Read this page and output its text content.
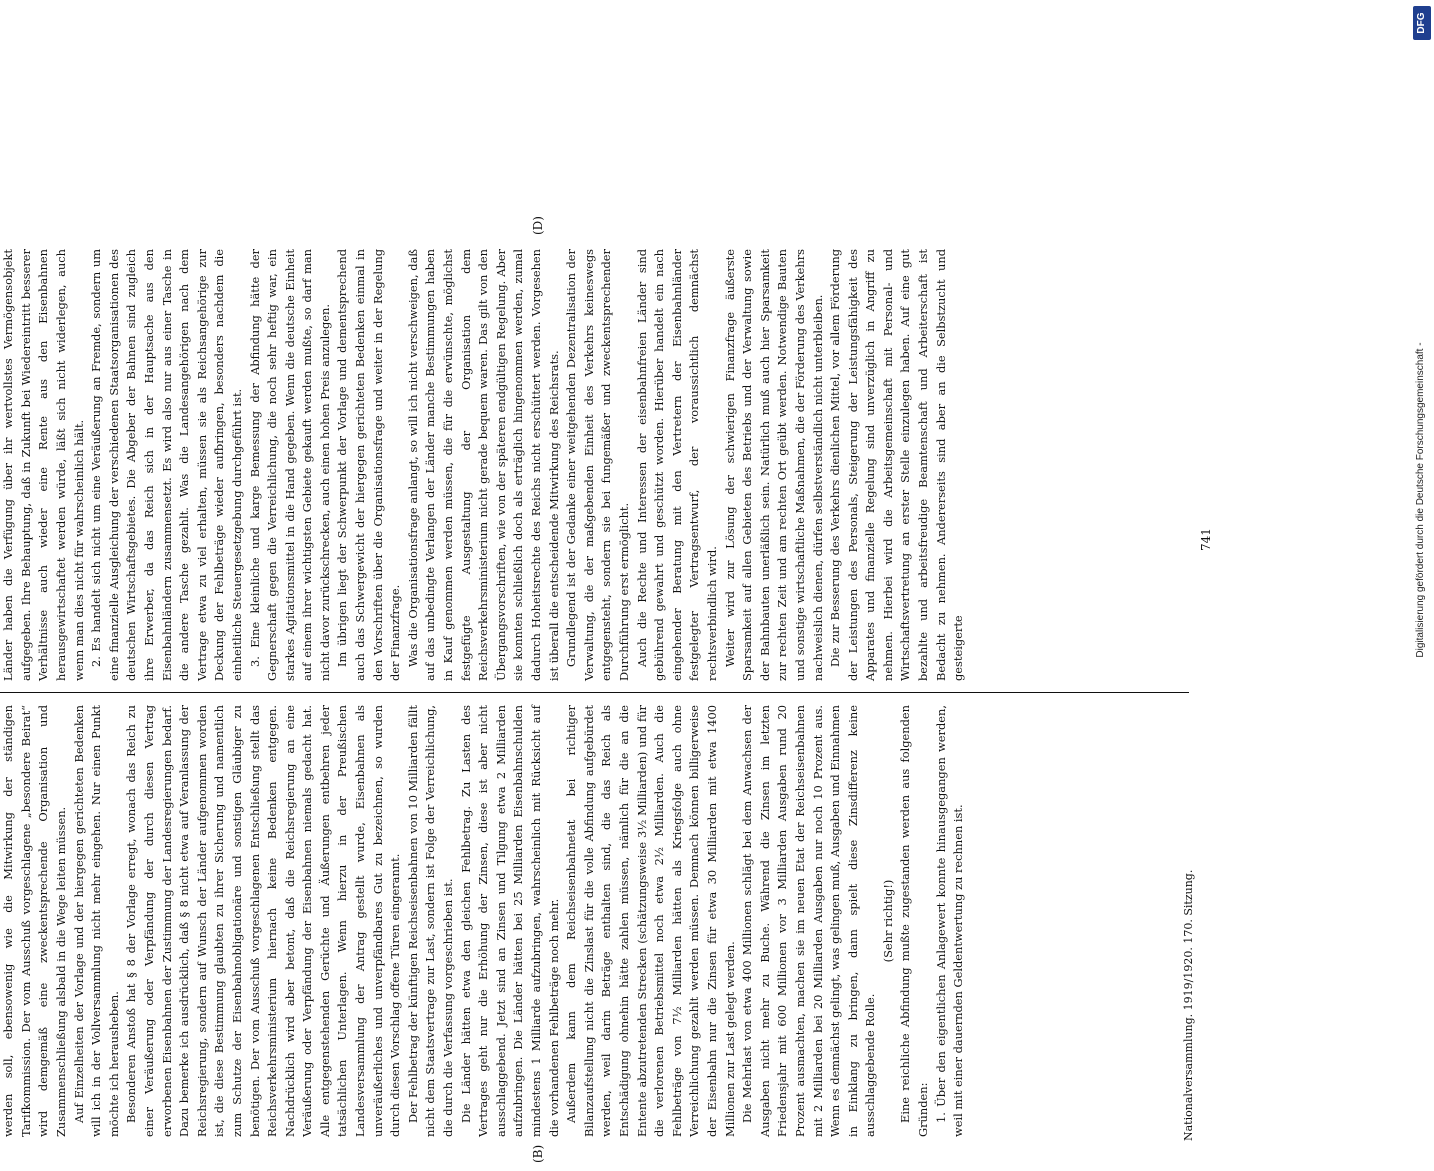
(B)
(D)

werden soll, ebensowenig wie die Mitwirkung der ständigen Tarifkommission. Der vom Ausschuß vorgeschlagene „besondere Beirat“ wird demgemäß eine zweckentsprechende Organisation und Zusammenschließung alsbald in die Wege leiten müssen. Auf Einzelheiten der Vorlage und der hiergegen gerichteten Bedenken will ich in der Vollversammlung nicht mehr eingehen. Nur einen Punkt möchte ich herausheben. Besonderen Anstoß hat § 8 der Vorlage erregt, wonach das Reich zu einer Veräußerung oder Verpfändung der durch diesen Vertrag erworbenen Eisenbahnen der Zustimmung der Landesregierungen bedarf. Dazu bemerke ich ausdrücklich, daß § 8 nicht etwa auf Veranlassung der Reichsregierung, sondern auf Wunsch der Länder aufgenommen worden ist, die diese Bestimmung glaubten zu ihrer Sicherung und namentlich zum Schutze der Eisenbahnobligationäre und sonstigen Gläubiger zu benötigen. Der vom Ausschuß vorgeschlagenen Entschließung stellt das Reichsverkehrsministerium hiernach keine Bedenken entgegen. Nachdrücklich wird aber betont, daß die Reichsregierung an eine Veräußerung oder Verpfändung der Eisenbahnen niemals gedacht hat. Alle entgegenstehenden Gerüchte und Äußerungen entbehren jeder tatsächlichen Unterlagen. Wenn hierzu in der Preußischen Landesversammlung der Antrag gestellt wurde, Eisenbahnen als unveräußerliches und unverpfändbares Gut zu bezeichnen, so wurden durch diesen Vorschlag offene Türen eingerannt. Der Fehlbetrag der künftigen Reichseisenbahnen von 10 Milliarden fällt nicht dem Staatsvertrage zur Last, sondern ist Folge der Verreichlichung, die durch die Verfassung vorgeschrieben ist. Die Länder hätten etwa den gleichen Fehlbetrag. Zu Lasten des Vertrages geht nur die Erhöhung der Zinsen, diese ist aber nicht ausschlaggebend. Jetzt sind an Zinsen und Tilgung etwa 2 Milliarden aufzubringen. Die Länder hätten bei 25 Milliarden Eisenbahnschulden mindestens 1 Milliarde aufzubringen, wahrscheinlich mit Rücksicht auf die vorhandenen Fehlbeträge noch mehr. Außerdem kann dem Reichseisenbahnetat bei richtiger Bilanzaufstellung nicht die Zinslast für die volle Abfindung aufgebürdet werden, weil darin Beträge enthalten sind, die das Reich als Entschädigung ohnehin hätte zahlen müssen, nämlich für die an die Entente abzutretenden Strecken (schätzungsweise 3½ Milliarden) und für die verlorenen Betriebsmittel noch etwa 2½ Milliarden. Auch die Fehlbeträge von 7½ Milliarden hätten als Kriegsfolge auch ohne Verreichlichung gezahlt werden müssen. Demnach können billigerweise der Eisenbahn nur die Zinsen für etwa 30 Milliarden mit etwa 1400 Millionen zur Last gelegt werden. Die Mehrlast von etwa 400 Millionen schlägt bei dem Anwachsen der Ausgaben nicht mehr zu Buche. Während die Zinsen im letzten Friedensjahr mit 600 Millionen vor 3 Milliarden Ausgaben rund 20 Prozent ausmachten, machen sie im neuen Etat der Reichseisenbahnen mit 2 Milliarden bei 20 Milliarden Ausgaben nur noch 10 Prozent aus. Wenn es demnächst gelingt, was gelingen muß, Ausgaben und Einnahmen in Einklang zu bringen, dann spielt diese Zinsdifferenz keine ausschlaggebende Rolle.

(Sehr richtig!) Eine reichliche Abfindung mußte zugestanden werden aus folgenden Gründen: 1. Über den eigentlichen Anlagewert konnte hinausgegangen werden, weil mit einer dauernden Geldentwertung zu rechnen ist.

Länder haben die Verfügung über ihr wertvollstes Vermögensobjekt aufgegeben. Ihre Behauptung, daß in Zukunft bei Wiedereintritt besserer Verhältnisse auch wieder eine Rente aus den Eisenbahnen herausgewirtschaftet werden würde, läßt sich nicht widerlegen, auch wenn man dies nicht für wahrscheinlich hält. 2. Es handelt sich nicht um eine Veräußerung an Fremde, sondern um eine finanzielle Ausgleichung der verschiedenen Staatsorganisationen des deutschen Wirtschaftsgebietes. Die Abgeber der Bahnen sind zugleich ihre Erwerber, da das Reich sich in der Hauptsache aus den Eisenbahnländern zusammensetzt. Es wird also nur aus einer Tasche in die andere Tasche gezahlt. Was die Landesangehörigen nach dem Vertrage etwa zu viel erhalten, müssen sie als Reichsangehörige zur Deckung der Fehlbeträge wieder aufbringen, besonders nachdem die einheitliche Steuergesetzgebung durchgeführt ist. 3. Eine kleinliche und karge Bemessung der Abfindung hätte der Gegnerschaft gegen die Verreichlichung, die noch sehr heftig war, ein starkes Agitationsmittel in die Hand gegeben. Wenn die deutsche Einheit auf einem ihrer wichtigsten Gebiete gekauft werden mußte, so darf man nicht davor zurückschrecken, auch einen hohen Preis anzulegen. Im übrigen liegt der Schwerpunkt der Vorlage und dementsprechend auch das Schwergewicht der hiergegen gerichteten Bedenken einmal in den Vorschriften über die Organisationsfrage und weiter in der Regelung der Finanzfrage. Was die Organisationsfrage anlangt, so will ich nicht verschweigen, daß auf das unbedingte Verlangen der Länder manche Bestimmungen haben in Kauf genommen werden müssen, die für die erwünschte, möglichst festgefügte Ausgestaltung der Organisation dem Reichsverkehrsministerium nicht gerade bequem waren. Das gilt von den Übergangsvorschriften, wie von der späteren endgültigen Regelung. Aber sie konnten schließlich doch als erträglich hingenommen werden, zumal dadurch Hoheitsrechte des Reichs nicht erschüttert werden. Vorgesehen ist überall die entscheidende Mitwirkung des Reichsrats. Grundlegend ist der Gedanke einer weitgehenden Dezentralisation der Verwaltung, die der maßgebenden Einheit des Verkehrs keineswegs entgegensteht, sondern sie bei fungemäßer und zweckentsprechender Durchführung erst ermöglicht. Auch die Rechte und Interessen der eisenbahnfreien Länder sind gebührend gewahrt und geschützt worden. Hierüber handelt ein nach eingehender Beratung mit den Vertretern der Eisenbahnländer festgelegter Vertragsentwurf, der voraussichtlich demnächst rechtsverbindlich wird. Weiter wird zur Lösung der schwierigen Finanzfrage äußerste Sparsamkeit auf allen Gebieten des Betriebs und der Verwaltung sowie der Bahnbauten unerläßlich sein. Natürlich muß auch hier Sparsamkeit zur rechten Zeit und am rechten Ort geübt werden. Notwendige Bauten und sonstige wirtschaftliche Maßnahmen, die der Förderung des Verkehrs nachweislich dienen, dürfen selbstverständlich nicht unterbleiben. Die zur Besserung des Verkehrs dienlichen Mittel, vor allem Förderung der Leistungen des Personals, Steigerung der Leistungsfähigkeit des Apparates und finanzielle Regelung sind unverzüglich in Angriff zu nehmen. Hierbei wird die Arbeitsgemeinschaft mit Personal- und Wirtschaftsvertretung an erster Stelle einzulegen haben. Auf eine gut bezahlte und arbeitsfreudige Beamtenschaft und Arbeiterschaft ist Bedacht zu nehmen. Andererseits sind aber an die Selbstzucht und gesteigerte

Nationalversammlung. 1919/1920. 170. Sitzung.
741	Digitalisierung gefördert durch die Deutsche Forschungsgemeinschaft -
DFG
